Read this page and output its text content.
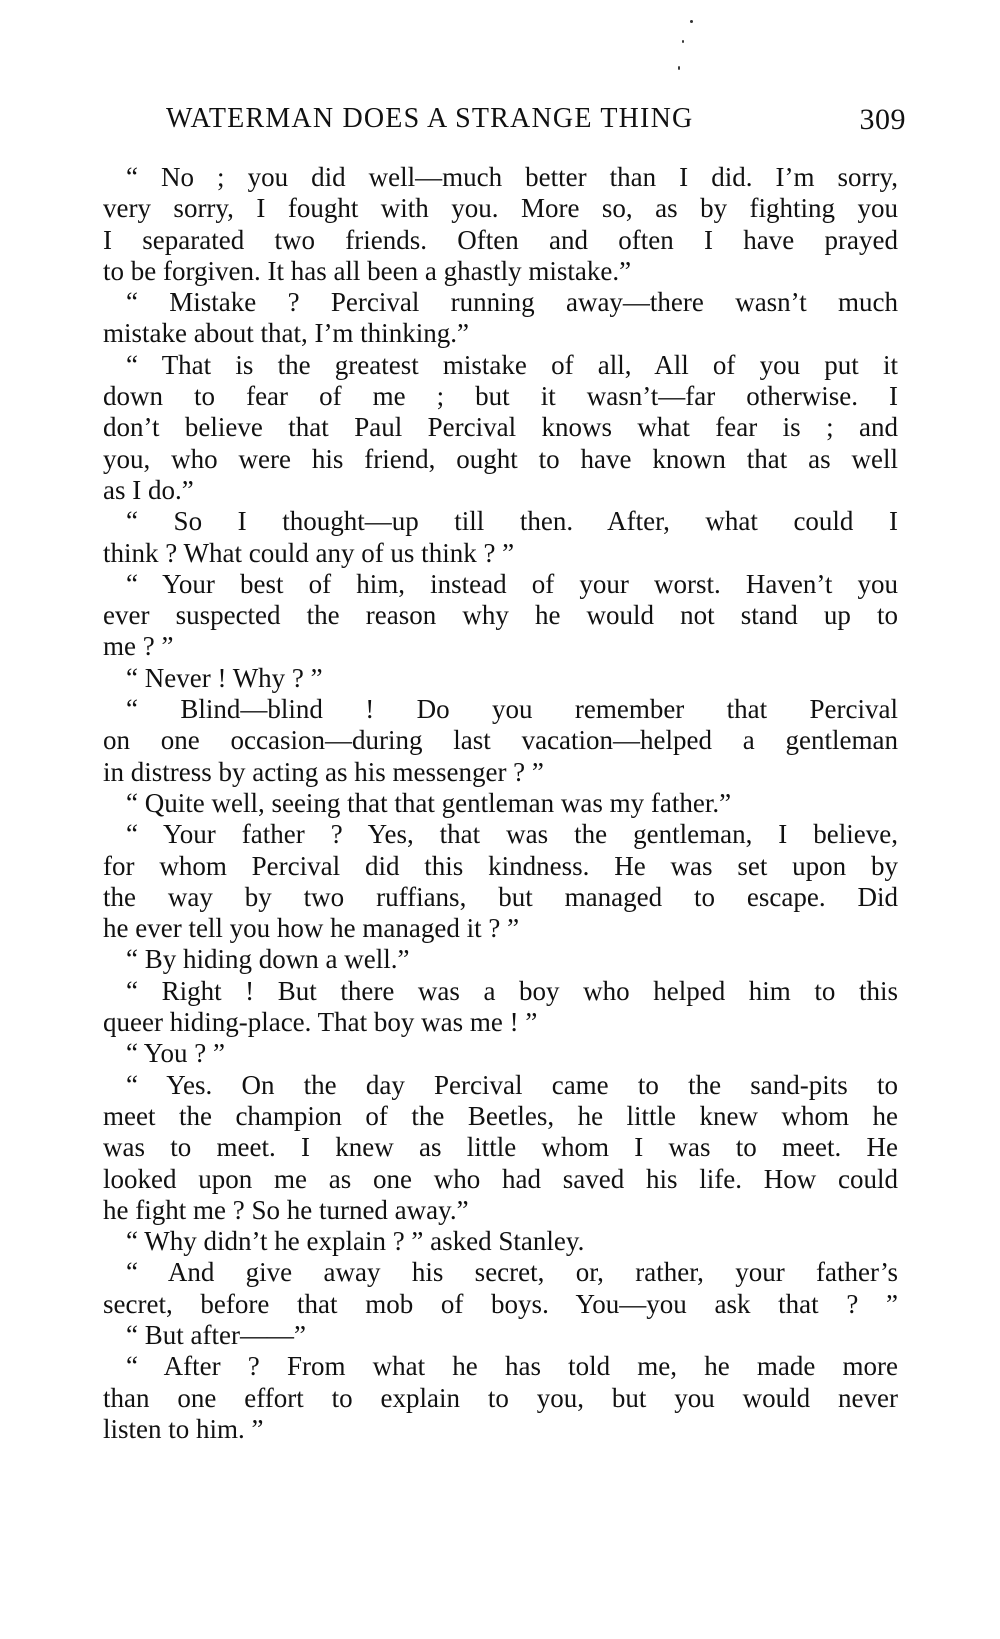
WATERMAN DOES A STRANGE THING	309
“ No ; you did well—much better than I did. I’m sorry,
very sorry, I fought with you. More so, as by fighting you
I separated two friends. Often and often I have prayed
to be forgiven. It has all been a ghastly mistake.”
“ Mistake ? Percival running away—there wasn’t much
mistake about that, I’m thinking.”
“ That is the greatest mistake of all, All of you put it
down to fear of me ; but it wasn’t—far otherwise. I
don’t believe that Paul Percival knows what fear is ; and
you, who were his friend, ought to have known that as well
as I do.”
“ So I thought—up till then. After, what could I
think ? What could any of us think ? ”
“ Your best of him, instead of your worst. Haven’t you
ever suspected the reason why he would not stand up to
me ? ”
“ Never ! Why ? ”
“ Blind—blind ! Do you remember that Percival
on one occasion—during last vacation—helped a gentleman
in distress by acting as his messenger ? ”
“ Quite well, seeing that that gentleman was my father.”
“ Your father ? Yes, that was the gentleman, I believe,
for whom Percival did this kindness. He was set upon by
the way by two ruffians, but managed to escape. Did
he ever tell you how he managed it ? ”
“ By hiding down a well.”
“ Right ! But there was a boy who helped him to this
queer hiding-place. That boy was me ! ”
“ You ? ”
“ Yes. On the day Percival came to the sand-pits to
meet the champion of the Beetles, he little knew whom he
was to meet. I knew as little whom I was to meet. He
looked upon me as one who had saved his life. How could
he fight me ? So he turned away.”
“ Why didn’t he explain ? ” asked Stanley.
“ And give away his secret, or, rather, your father’s
secret, before that mob of boys. You—you ask that ? ”
“ But after——”
“ After ? From what he has told me, he made more
than one effort to explain to you, but you would never
listen to him. ”
